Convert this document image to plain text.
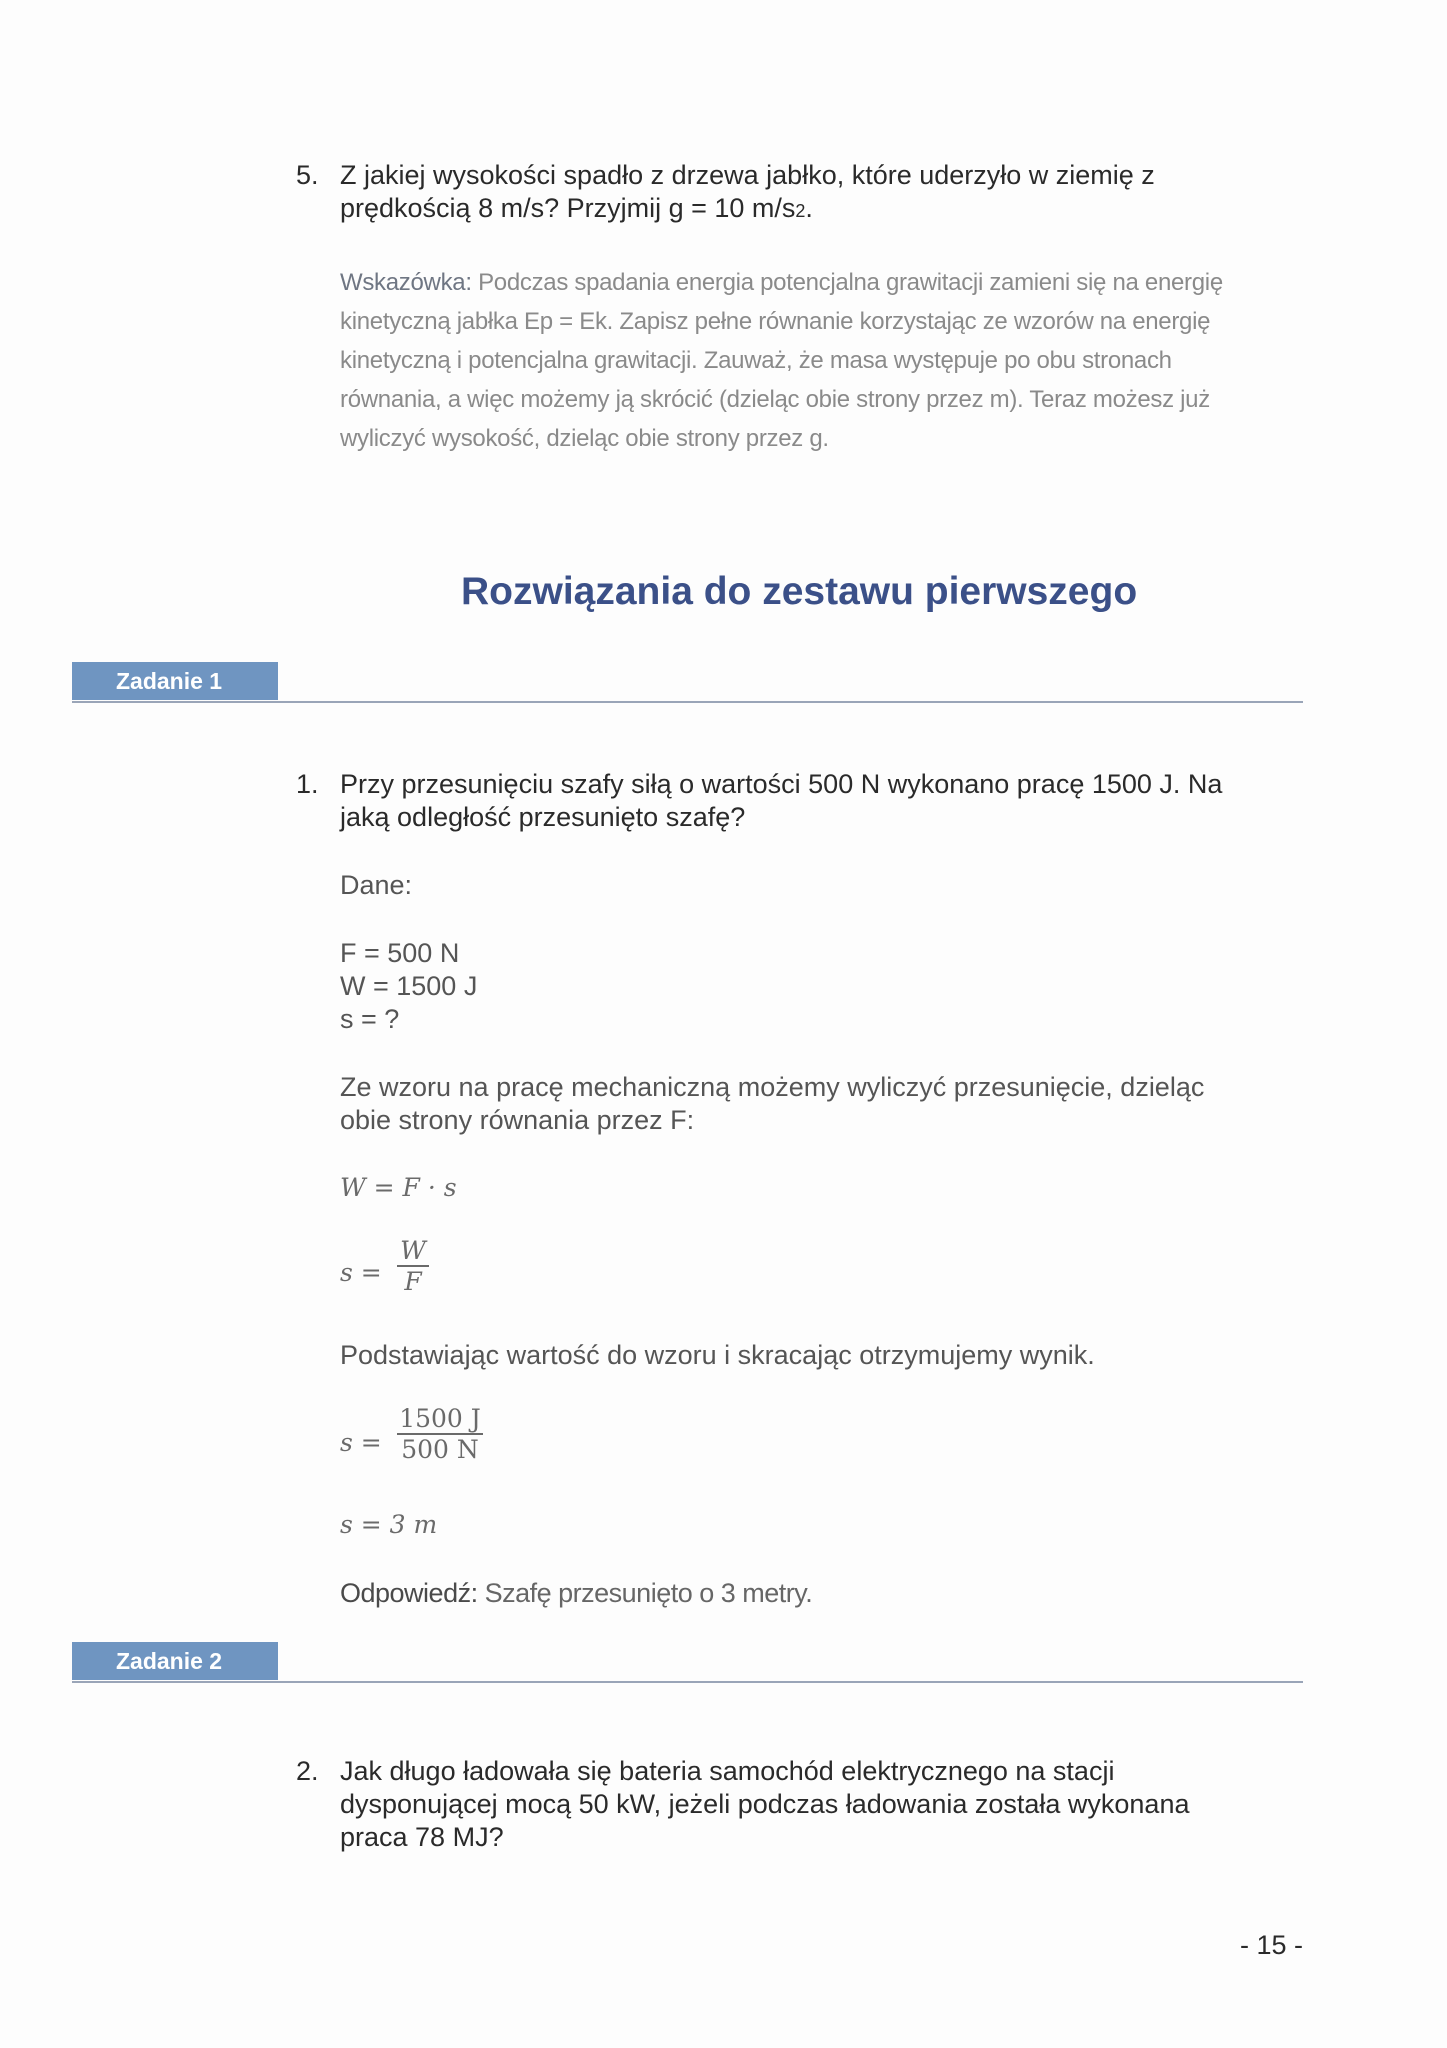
5. Z jakiej wysokości spadło z drzewa jabłko, które uderzyło w ziemię z
prędkością 8 m/s? Przyjmij g = 10 m/s2.
Wskazówka: Podczas spadania energia potencjalna grawitacji zamieni się na energię
kinetyczną jabłka Ep = Ek. Zapisz pełne równanie korzystając ze wzorów na energię
kinetyczną i potencjalna grawitacji. Zauważ, że masa występuje po obu stronach
równania, a więc możemy ją skrócić (dzieląc obie strony przez m). Teraz możesz już
wyliczyć wysokość, dzieląc obie strony przez g.
Rozwiązania do zestawu pierwszego
Zadanie 1
1. Przy przesunięciu szafy siłą o wartości 500 N wykonano pracę 1500 J. Na
jaką odległość przesunięto szafę?
Dane:
F = 500 N
W = 1500 J
s = ?
Ze wzoru na pracę mechaniczną możemy wyliczyć przesunięcie, dzieląc
obie strony równania przez F:
W = F · s
s =
W
F
Podstawiając wartość do wzoru i skracając otrzymujemy wynik.
s =
1500 J
500 N
s = 3 m
Odpowiedź: Szafę przesunięto o 3 metry.
Zadanie 2
2. Jak długo ładowała się bateria samochód elektrycznego na stacji
dysponującej mocą 50 kW, jeżeli podczas ładowania została wykonana
praca 78 MJ?
- 15 -
